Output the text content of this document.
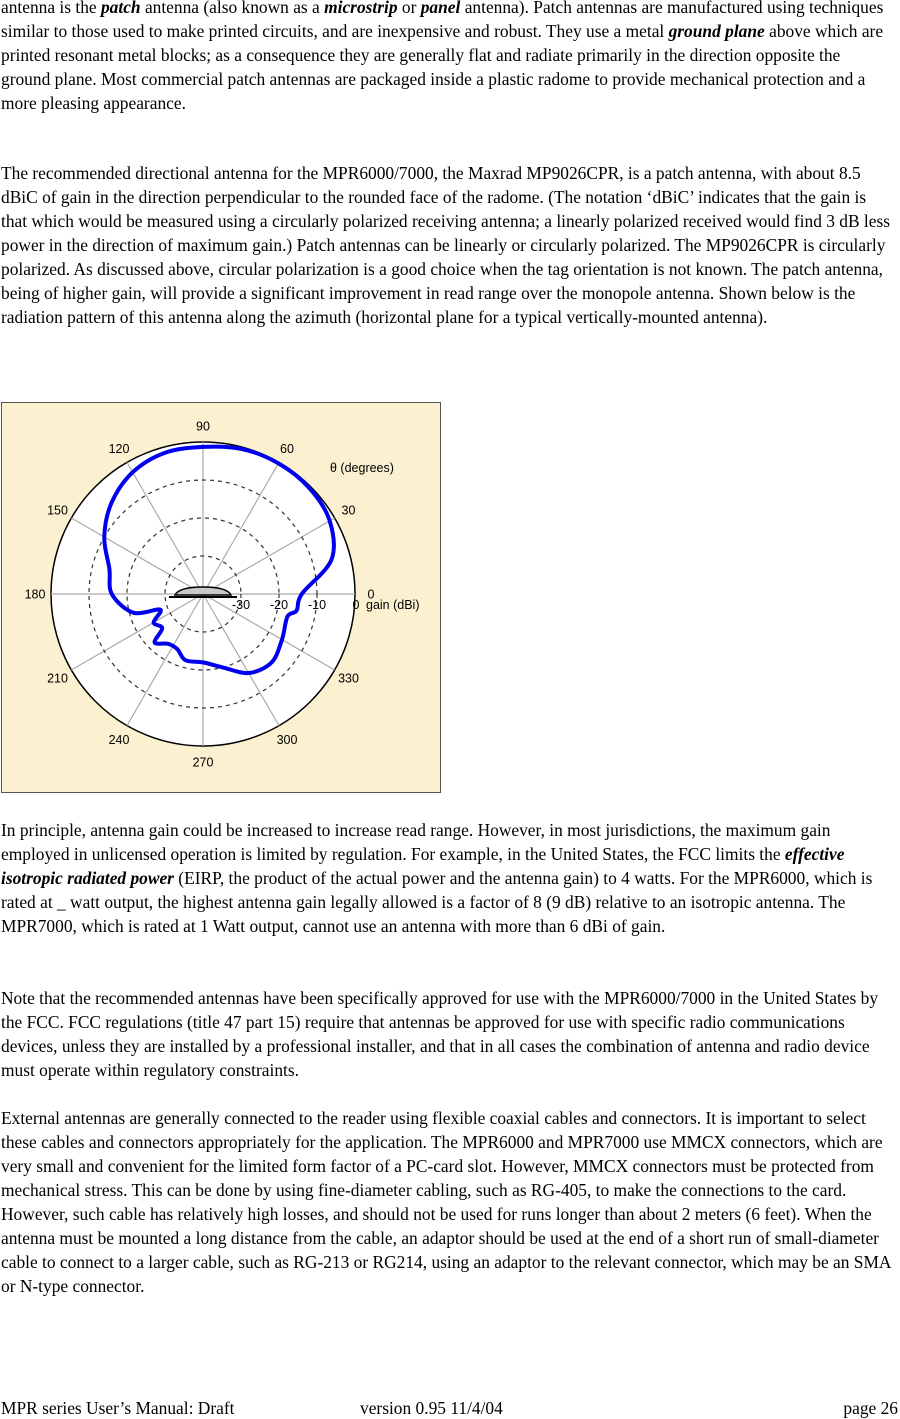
antenna is the patch antenna (also known as a microstrip or panel antenna). Patch antennas are manufactured using techniques similar to those used to make printed circuits, and are inexpensive and robust. They use a metal ground plane above which are printed resonant metal blocks; as a consequence they are generally flat and radiate primarily in the direction opposite the ground plane. Most commercial patch antennas are packaged inside a plastic radome to provide mechanical protection and a more pleasing appearance.

The recommended directional antenna for the MPR6000/7000, the Maxrad MP9026CPR, is a patch antenna, with about 8.5 dBiC of gain in the direction perpendicular to the rounded face of the radome. (The notation ‘dBiC’ indicates that the gain is that which would be measured using a circularly polarized receiving antenna; a linearly polarized received would find 3 dB less power in the direction of maximum gain.) Patch antennas can be linearly or circularly polarized. The MP9026CPR is circularly polarized. As discussed above, circular polarization is a good choice when the tag orientation is not known. The patch antenna, being of higher gain, will provide a significant improvement in read range over the monopole antenna. Shown below is the radiation pattern of this antenna along the azimuth (horizontal plane for a typical vertically-mounted antenna).

0
30
60
90
120
150
180
210
240
270
300
330
-30 -20 -10 0
θ (degrees)
gain (dBi)

In principle, antenna gain could be increased to increase read range. However, in most jurisdictions, the maximum gain employed in unlicensed operation is limited by regulation. For example, in the United States, the FCC limits the effective isotropic radiated power (EIRP, the product of the actual power and the antenna gain) to 4 watts. For the MPR6000, which is rated at _ watt output, the highest antenna gain legally allowed is a factor of 8 (9 dB) relative to an isotropic antenna. The MPR7000, which is rated at 1 Watt output, cannot use an antenna with more than 6 dBi of gain.

Note that the recommended antennas have been specifically approved for use with the MPR6000/7000 in the United States by the FCC. FCC regulations (title 47 part 15) require that antennas be approved for use with specific radio communications devices, unless they are installed by a professional installer, and that in all cases the combination of antenna and radio device must operate within regulatory constraints.

External antennas are generally connected to the reader using flexible coaxial cables and connectors. It is important to select these cables and connectors appropriately for the application. The MPR6000 and MPR7000 use MMCX connectors, which are very small and convenient for the limited form factor of a PC-card slot. However, MMCX connectors must be protected from mechanical stress. This can be done by using fine-diameter cabling, such as RG-405, to make the connections to the card. However, such cable has relatively high losses, and should not be used for runs longer than about 2 meters (6 feet). When the antenna must be mounted a long distance from the cable, an adaptor should be used at the end of a short run of small-diameter cable to connect to a larger cable, such as RG-213 or RG214, using an adaptor to the relevant connector, which may be an SMA or N-type connector.

MPR series User’s Manual: Draft	version 0.95 11/4/04	page 26
